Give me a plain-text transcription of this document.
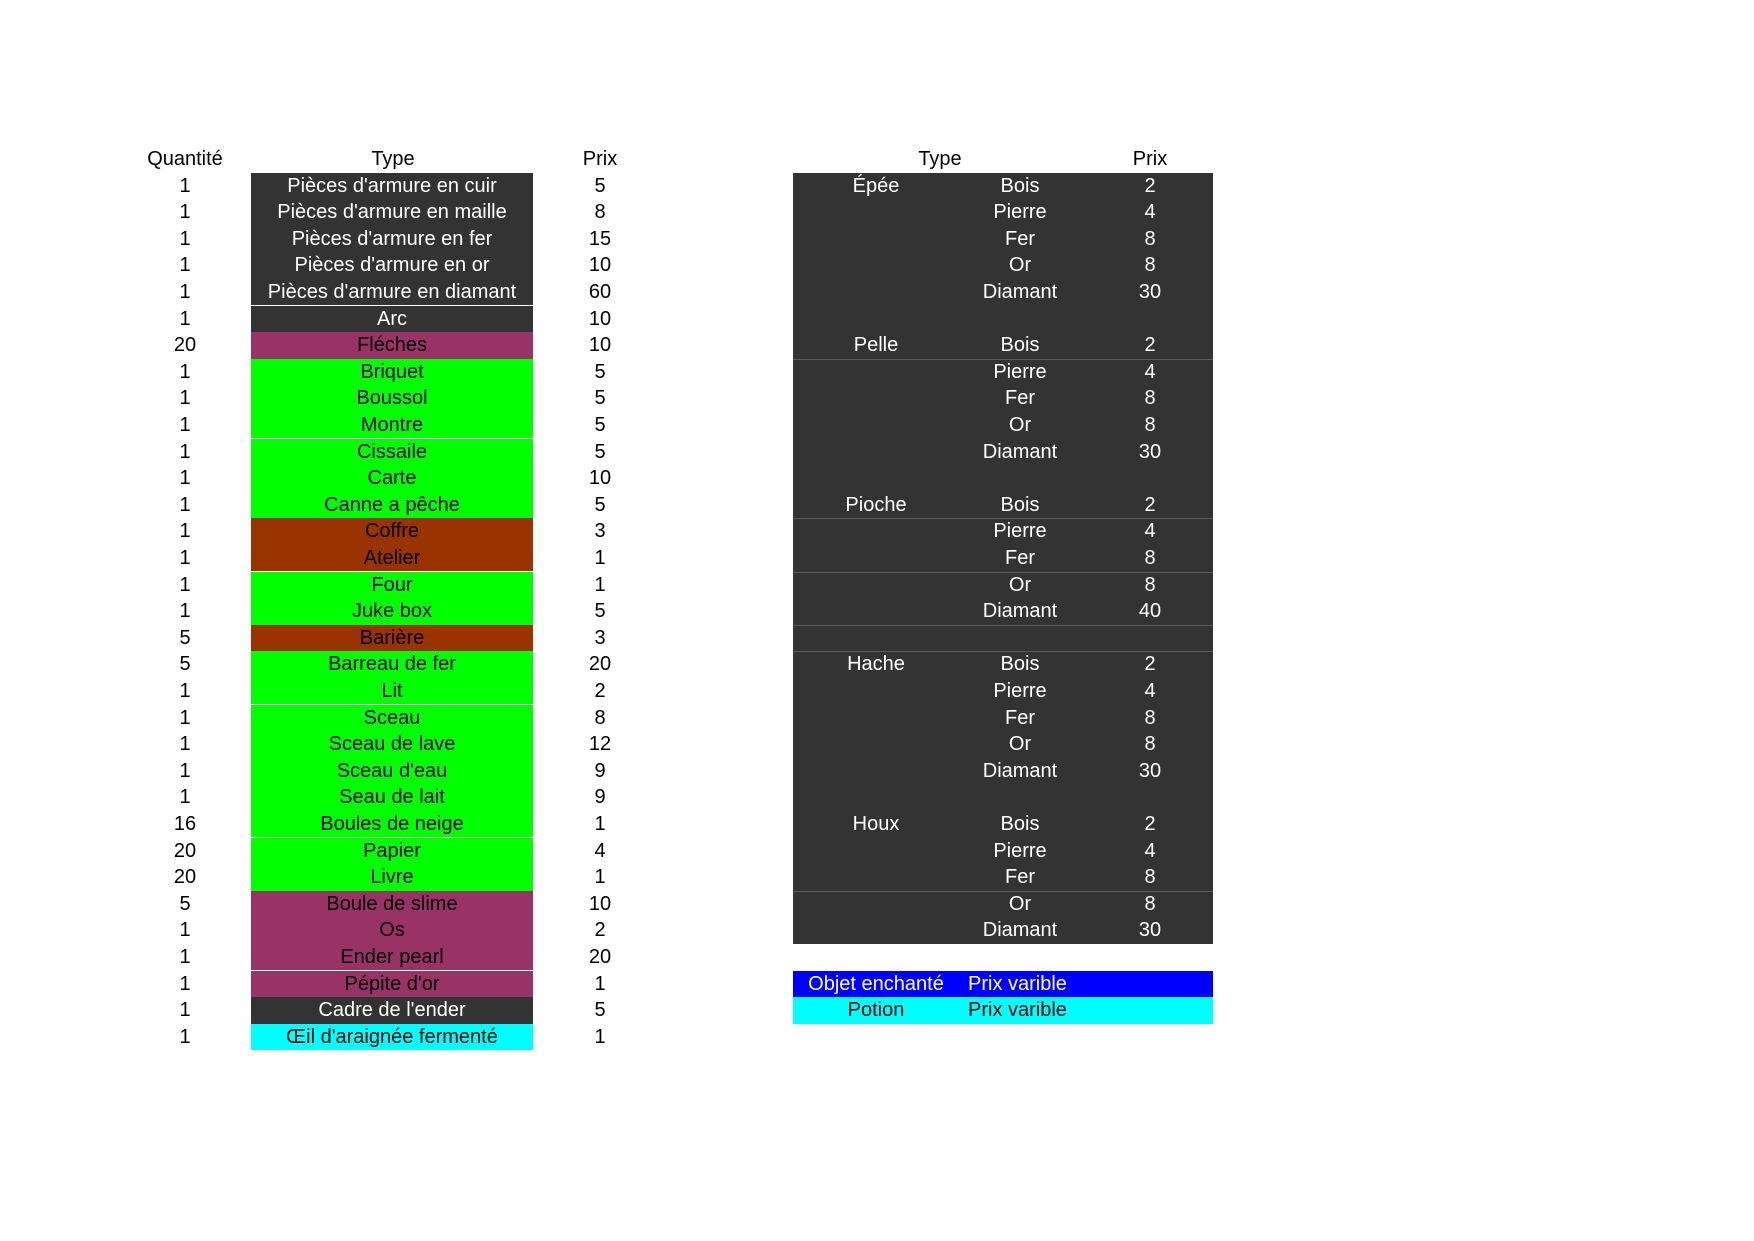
Quantité	Type	Prix	Type	Prix
1	Pièces d'armure en cuir	5
1	Pièces d'armure en maille	8
1	Pièces d'armure en fer	15
1	Pièces d'armure en or	10
1	Pièces d'armure en diamant	60
1	Arc	10
20	Fléches	10
1	Briquet	5
1	Boussol	5
1	Montre	5
1	Cissaile	5
1	Carte	10
1	Canne a pêche	5
1	Coffre	3
1	Atelier	1
1	Four	1
1	Juke box	5
5	Barière	3
5	Barreau de fer	20
1	Lit	2
1	Sceau	8
1	Sceau de lave	12
1	Sceau d'eau	9
1	Seau de lait	9
16	Boules de neige	1
20	Papier	4
20	Livre	1
5	Boule de slime	10
1	Os	2
1	Ender pearl	20
1	Pépite d'or	1
1	Cadre de l'ender	5
1	Œil d'araignée fermenté	1
Épée	Bois	2
Pierre	4
Fer	8
Or	8
Diamant	30
Pelle	Bois	2
Pierre	4
Fer	8
Or	8
Diamant	30
Pioche	Bois	2
Pierre	4
Fer	8
Or	8
Diamant	40
Hache	Bois	2
Pierre	4
Fer	8
Or	8
Diamant	30
Houx	Bois	2
Pierre	4
Fer	8
Or	8
Diamant	30
Objet enchanté	Prix varible
Potion	Prix varible
